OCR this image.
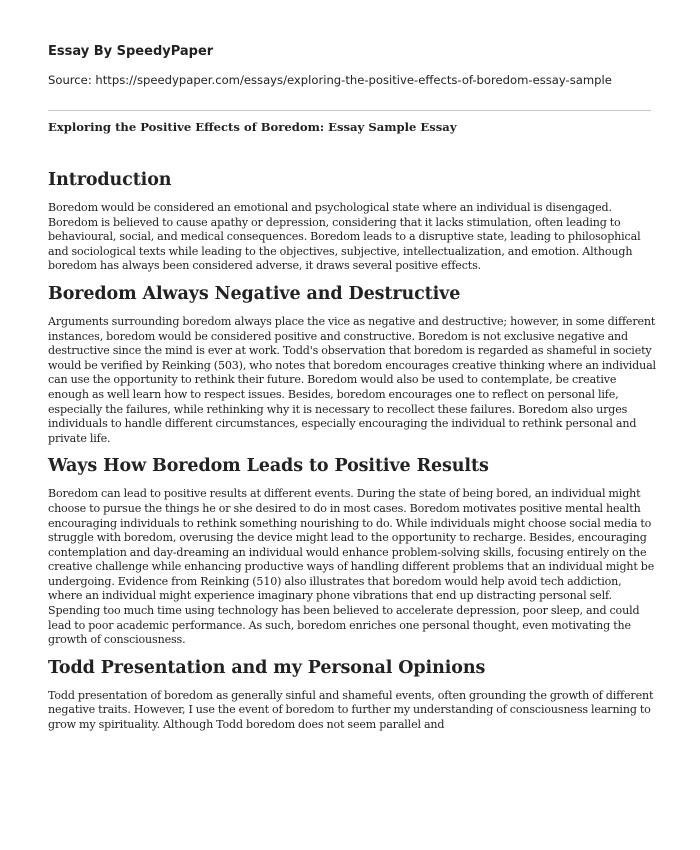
Essay By SpeedyPaper
Source: https://speedypaper.com/essays/exploring-the-positive-effects-of-boredom-essay-sample
Exploring the Positive Effects of Boredom: Essay Sample Essay
Introduction

Boredom would be considered an emotional and psychological state where an individual is disengaged. Boredom is believed to cause apathy or depression, considering that it lacks stimulation, often leading to behavioural, social, and medical consequences. Boredom leads to a disruptive state, leading to philosophical and sociological texts while leading to the objectives, subjective, intellectualization, and emotion. Although boredom has always been considered adverse, it draws several positive effects.

Boredom Always Negative and Destructive

Arguments surrounding boredom always place the vice as negative and destructive; however, in some different instances, boredom would be considered positive and constructive. Boredom is not exclusive negative and destructive since the mind is ever at work. Todd's observation that boredom is regarded as shameful in society would be verified by Reinking (503), who notes that boredom encourages creative thinking where an individual can use the opportunity to rethink their future. Boredom would also be used to contemplate, be creative enough as well learn how to respect issues. Besides, boredom encourages one to reflect on personal life, especially the failures, while rethinking why it is necessary to recollect these failures. Boredom also urges individuals to handle different circumstances, especially encouraging the individual to rethink personal and private life.

Ways How Boredom Leads to Positive Results

Boredom can lead to positive results at different events. During the state of being bored, an individual might choose to pursue the things he or she desired to do in most cases. Boredom motivates positive mental health encouraging individuals to rethink something nourishing to do. While individuals might choose social media to struggle with boredom, overusing the device might lead to the opportunity to recharge. Besides, encouraging contemplation and day-dreaming an individual would enhance problem-solving skills, focusing entirely on the creative challenge while enhancing productive ways of handling different problems that an individual might be undergoing. Evidence from Reinking (510) also illustrates that boredom would help avoid tech addiction, where an individual might experience imaginary phone vibrations that end up distracting personal self. Spending too much time using technology has been believed to accelerate depression, poor sleep, and could lead to poor academic performance. As such, boredom enriches one personal thought, even motivating the growth of consciousness.

Todd Presentation and my Personal Opinions

Todd presentation of boredom as generally sinful and shameful events, often grounding the growth of different negative traits. However, I use the event of boredom to further my understanding of consciousness learning to grow my spirituality. Although Todd boredom does not seem parallel and
